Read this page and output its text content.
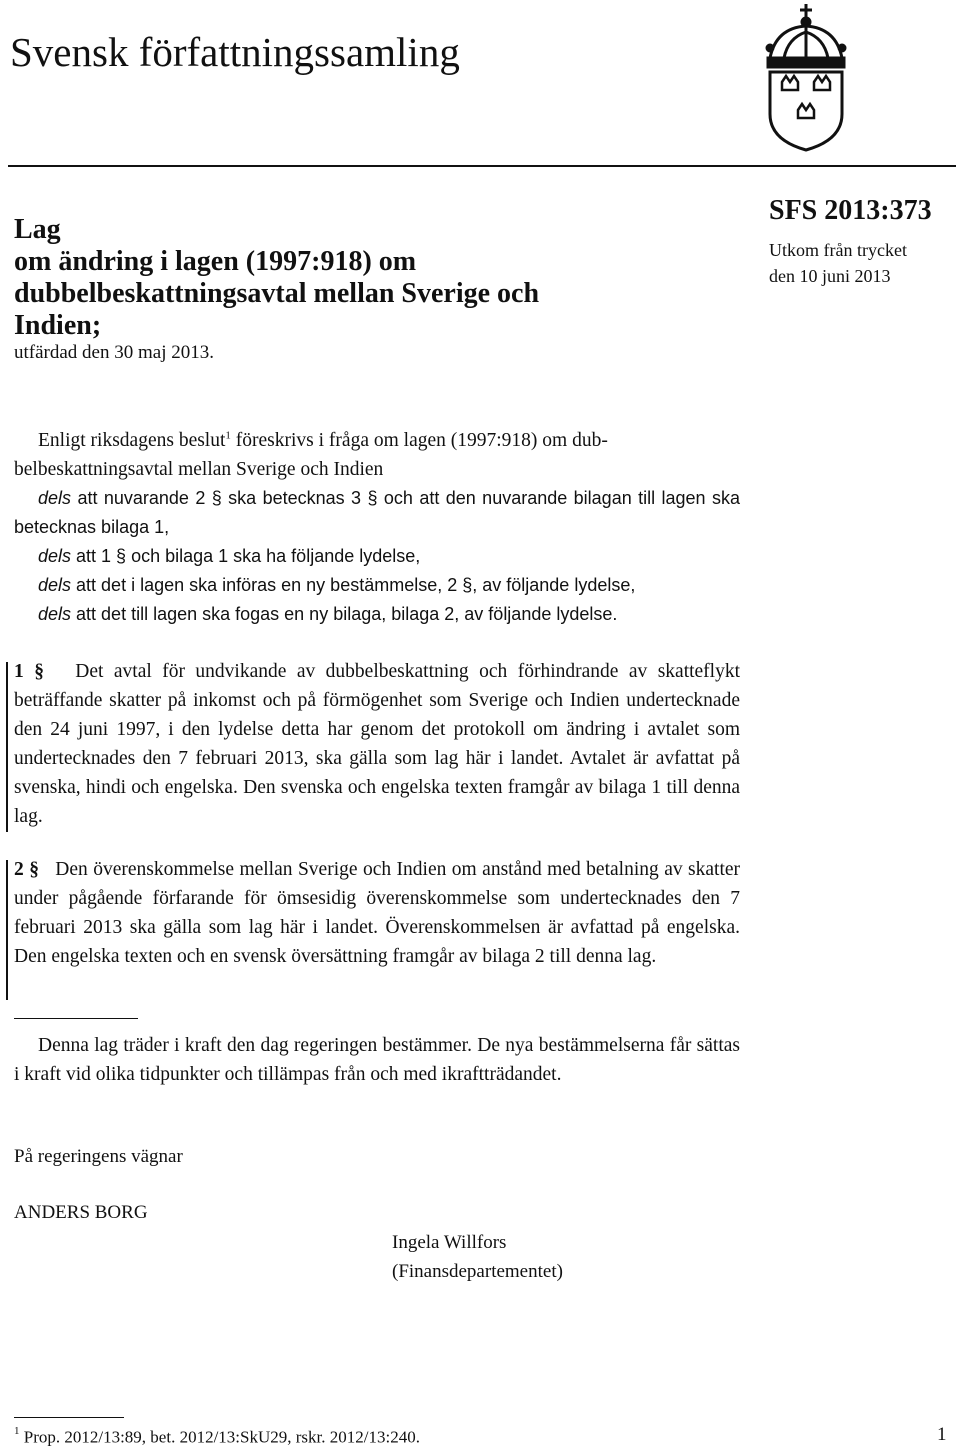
Svensk författningssamling
Lag
om ändring i lagen (1997:918) om
dubbelbeskattningsavtal mellan Sverige och
Indien;
SFS 2013:373
Utkom från trycket
den 10 juni 2013
utfärdad den 30 maj 2013.

Enligt riksdagens beslut$^1$ föreskrivs i fråga om lagen (1997:918) om dub-

belbeskattningsavtal mellan Sverige och Indien

dels att nuvarande 2 § ska betecknas 3 § och att den nuvarande bilagan till lagen ska betecknas bilaga 1,

dels att 1 § och bilaga 1 ska ha följande lydelse,

dels att det i lagen ska införas en ny bestämmelse, 2 §, av följande lydelse,

dels att det till lagen ska fogas en ny bilaga, bilaga 2, av följande lydelse.

1 § Det avtal för undvikande av dubbelbeskattning och förhindrande av skatteflykt beträffande skatter på inkomst och på förmögenhet som Sverige och Indien undertecknade den 24 juni 1997, i den lydelse detta har genom det protokoll om ändring i avtalet som undertecknades den 7 februari 2013, ska gälla som lag här i landet. Avtalet är avfattat på svenska, hindi och engelska. Den svenska och engelska texten framgår av bilaga 1 till denna lag.

2 § Den överenskommelse mellan Sverige och Indien om anstånd med betalning av skatter under pågående förfarande för ömsesidig överenskommelse som undertecknades den 7 februari 2013 ska gälla som lag här i landet. Överenskommelsen är avfattad på engelska. Den engelska texten och en svensk översättning framgår av bilaga 2 till denna lag.

Denna lag träder i kraft den dag regeringen bestämmer. De nya bestämmelserna får sättas i kraft vid olika tidpunkter och tillämpas från och med ikraftträdandet.

På regeringens vägnar
ANDERS BORG
Ingela Willfors
(Finansdepartementet)
$^1$ Prop. 2012/13:89, bet. 2012/13:SkU29, rskr. 2012/13:240.	1
